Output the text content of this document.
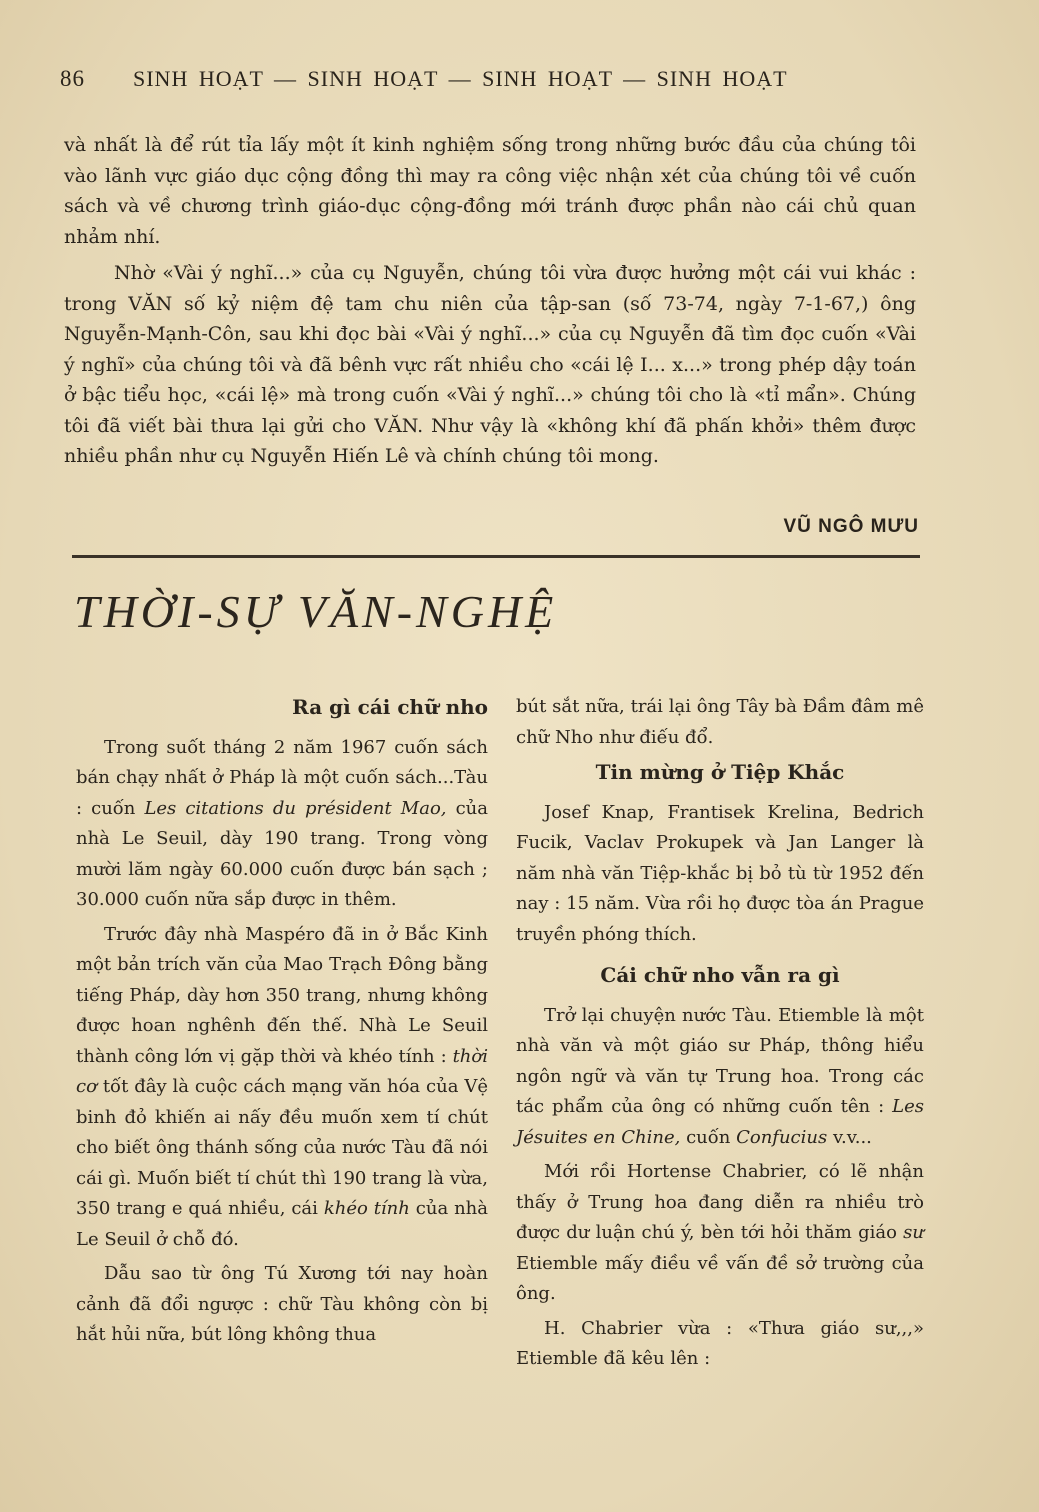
86 SINH HOẠT — SINH HOẠT — SINH HOẠT — SINH HOẠT

và nhất là để rút tỉa lấy một ít kinh nghiệm sống trong những bước đầu của chúng tôi vào lãnh vực giáo dục cộng đồng thì may ra công việc nhận xét của chúng tôi về cuốn sách và về chương trình giáo-dục cộng-đồng mới tránh được phần nào cái chủ quan nhảm nhí.

Nhờ «Vài ý nghĩ...» của cụ Nguyễn, chúng tôi vừa được hưởng một cái vui khác : trong VĂN số kỷ niệm đệ tam chu niên của tập-san (số 73-74, ngày 7-1-67,) ông Nguyễn-Mạnh-Côn, sau khi đọc bài «Vài ý nghĩ...» của cụ Nguyễn đã tìm đọc cuốn «Vài ý nghĩ» của chúng tôi và đã bênh vực rất nhiều cho «cái lệ I... x...» trong phép dậy toán ở bậc tiểu học, «cái lệ» mà trong cuốn «Vài ý nghĩ...» chúng tôi cho là «tỉ mẩn». Chúng tôi đã viết bài thưa lại gửi cho VĂN. Như vậy là «không khí đã phấn khởi» thêm được nhiều phần như cụ Nguyễn Hiến Lê và chính chúng tôi mong.

VŨ NGÔ MƯU
THỜI-SỰ VĂN-NGHỆ
Ra gì cái chữ nho

Trong suốt tháng 2 năm 1967 cuốn sách bán chạy nhất ở Pháp là một cuốn sách...Tàu : cuốn Les citations du président Mao, của nhà Le Seuil, dày 190 trang. Trong vòng mười lăm ngày 60.000 cuốn được bán sạch ; 30.000 cuốn nữa sắp được in thêm.

Trước đây nhà Maspéro đã in ở Bắc Kinh một bản trích văn của Mao Trạch Đông bằng tiếng Pháp, dày hơn 350 trang, nhưng không được hoan nghênh đến thế. Nhà Le Seuil thành công lớn vị gặp thời và khéo tính : thời cơ tốt đây là cuộc cách mạng văn hóa của Vệ binh đỏ khiến ai nấy đều muốn xem tí chút cho biết ông thánh sống của nước Tàu đã nói cái gì. Muốn biết tí chút thì 190 trang là vừa, 350 trang e quá nhiều, cái khéo tính của nhà Le Seuil ở chỗ đó.

Dẫu sao từ ông Tú Xương tới nay hoàn cảnh đã đổi ngược : chữ Tàu không còn bị hắt hủi nữa, bút lông không thua

bút sắt nữa, trái lại ông Tây bà Đầm đâm mê chữ Nho như điếu đổ.

Tin mừng ở Tiệp Khắc

Josef Knap, Frantisek Krelina, Bedrich Fucik, Vaclav Prokupek và Jan Langer là năm nhà văn Tiệp-khắc bị bỏ tù từ 1952 đến nay : 15 năm. Vừa rồi họ được tòa án Prague truyền phóng thích.

Cái chữ nho vẫn ra gì

Trở lại chuyện nước Tàu. Etiemble là một nhà văn và một giáo sư Pháp, thông hiểu ngôn ngữ và văn tự Trung hoa. Trong các tác phẩm của ông có những cuốn tên : Les Jésuites en Chine, cuốn Confucius v.v...

Mới rồi Hortense Chabrier, có lẽ nhận thấy ở Trung hoa đang diễn ra nhiều trò được dư luận chú ý, bèn tới hỏi thăm giáo sư Etiemble mấy điều về vấn đề sở trường của ông.

H. Chabrier vừa : «Thưa giáo sư,,,» Etiemble đã kêu lên :
